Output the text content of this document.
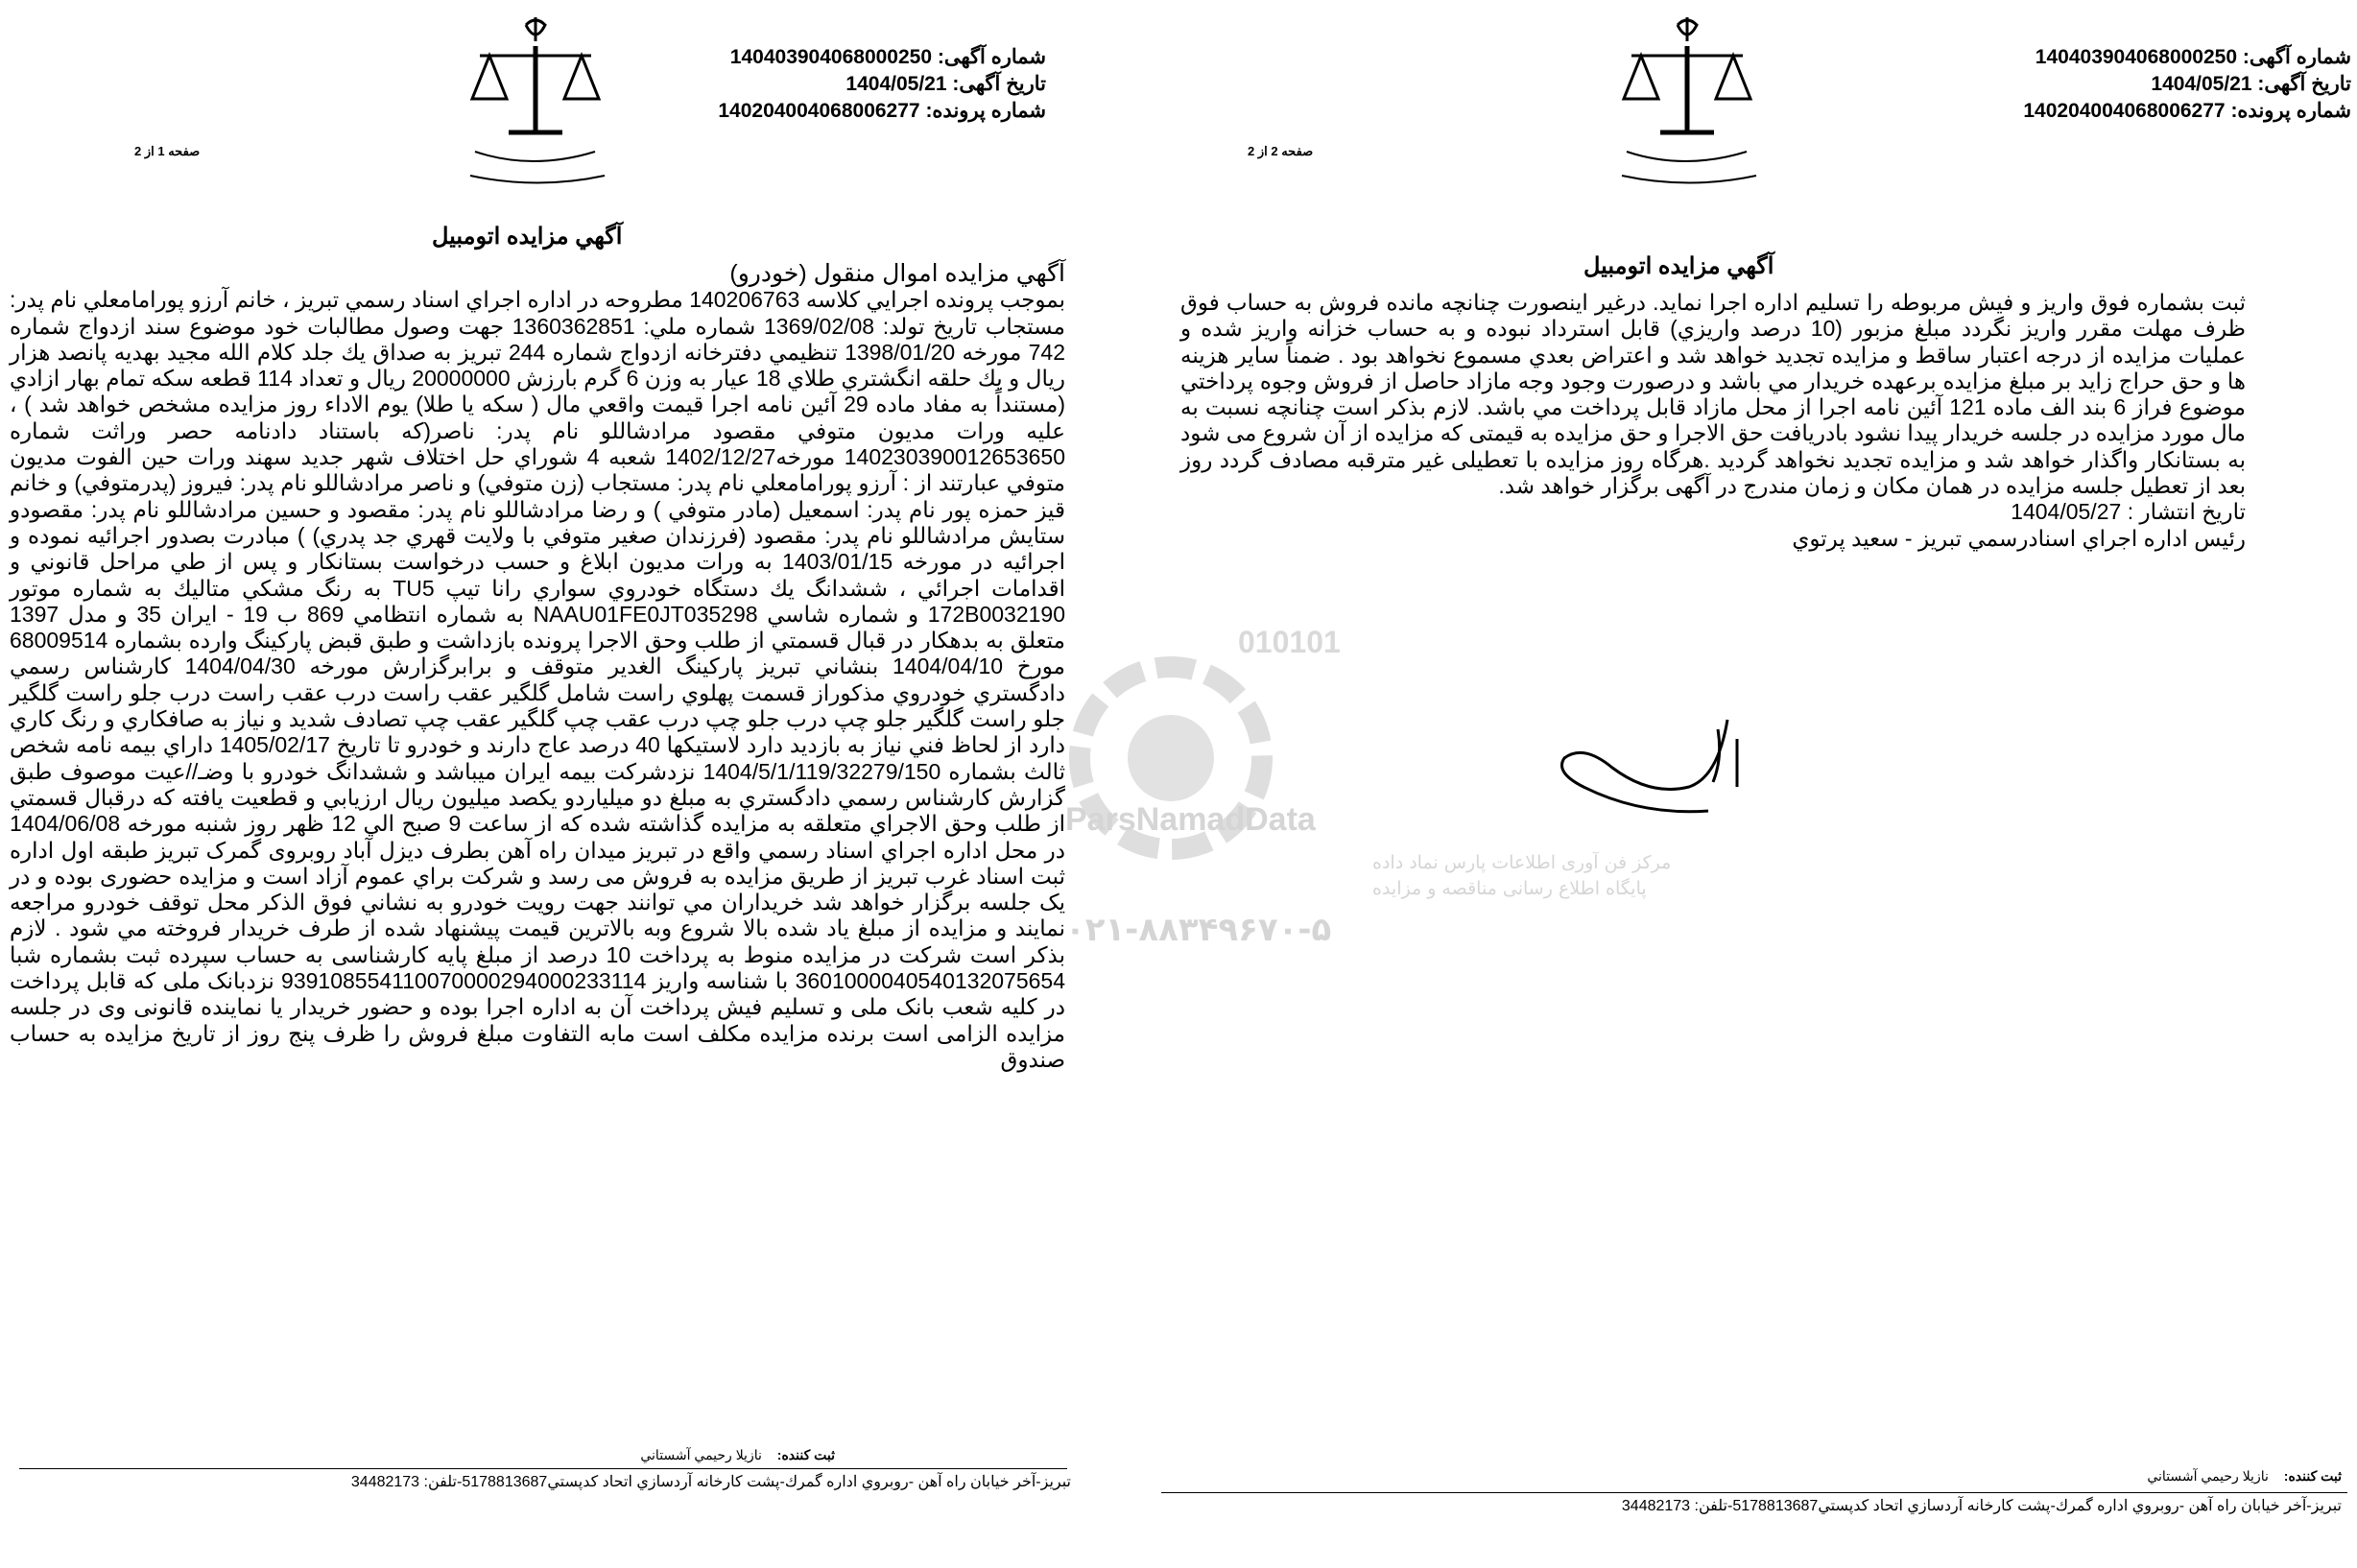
شماره آگهی: 140403904068000250
تاریخ آگهی: 1404/05/21
شماره پرونده: 140204004068006277
صفحه 1 از 2
آگهي مزايده اتومبيل

آگهي مزايده اموال منقول (خودرو)

بموجب پرونده اجرايي كلاسه 140206763 مطروحه در اداره اجراي اسناد رسمي تبريز ، خانم آرزو پورامامعلي نام پدر: مستجاب تاريخ تولد: 1369/02/08 شماره ملي: 1360362851 جهت وصول مطالبات خود موضوع سند ازدواج شماره 742 مورخه 1398/01/20 تنظيمي دفترخانه ازدواج شماره 244 تبريز به صداق يك جلد كلام الله مجيد بهديه پانصد هزار ريال و يك حلقه انگشتري طلاي 18 عيار به وزن 6 گرم بارزش 20000000 ريال و تعداد 114 قطعه سكه تمام بهار ازادي (مستنداً به مفاد ماده 29 آئين نامه اجرا قيمت واقعي مال ( سكه يا طلا) يوم الاداء روز مزايده مشخص خواهد شد ) ، عليه ورات مديون متوفي مقصود مرادشاللو نام پدر: ناصر(كه باستناد دادنامه حصر وراثت شماره 140230390012653650 مورخه1402/12/27 شعبه 4 شوراي حل اختلاف شهر جديد سهند ورات حين الفوت مديون متوفي عبارتند از : آرزو پورامامعلي نام پدر: مستجاب (زن متوفي) و ناصر مرادشاللو نام پدر: فيروز (پدرمتوفي) و خانم قيز حمزه پور نام پدر: اسمعيل (مادر متوفي ) و رضا مرادشاللو نام پدر: مقصود و حسين مرادشاللو نام پدر: مقصودو ستايش مرادشاللو نام پدر: مقصود (فرزندان صغير متوفي با ولايت قهري جد پدري) ) مبادرت بصدور اجرائيه نموده و اجرائيه در مورخه 1403/01/15 به ورات مديون ابلاغ و حسب درخواست بستانكار و پس از طي مراحل قانوني و اقدامات اجرائي ، ششدانگ يك دستگاه خودروي سواري رانا تيپ TU5 به رنگ مشكي متاليك به شماره موتور 172B0032190 و شماره شاسي NAAU01FE0JT035298 به شماره انتظامي 869 ب 19 - ايران 35 و مدل 1397 متعلق به بدهكار در قبال قسمتي از طلب وحق الاجرا پرونده بازداشت و طبق قبض پاركينگ وارده بشماره 68009514 مورخ 1404/04/10 بنشاني تبريز پاركينگ الغدير متوقف و برابرگزارش مورخه 1404/04/30 كارشناس رسمي دادگستري خودروي مذكوراز قسمت پهلوي راست شامل گلگير عقب راست درب عقب راست درب جلو راست گلگير جلو راست گلگير جلو چپ درب جلو چپ درب عقب چپ گلگير عقب چپ تصادف شديد و نياز به صافكاري و رنگ كاري دارد از لحاظ فني نياز به بازديد دارد لاستيكها 40 درصد عاج دارند و خودرو تا تاريخ 1405/02/17 داراي بيمه نامه شخص ثالث بشماره 1404/5/1/119/32279/150 نزدشركت بيمه ايران ميباشد و ششدانگ خودرو با وضـ//عيت موصوف طبق گزارش كارشناس رسمي دادگستري به مبلغ دو ميلياردو يكصد ميليون ريال ارزيابي و قطعيت يافته كه درقبال قسمتي از طلب وحق الاجراي متعلقه به مزايده گذاشته شده كه از ساعت 9 صبح الي 12 ظهر روز شنبه مورخه 1404/06/08 در محل اداره اجراي اسناد رسمي واقع در تبريز ميدان راه آهن بطرف ديزل آباد روبروی گمرک تبريز طبقه اول اداره ثبت اسناد غرب تبريز از طريق مزايده به فروش می رسد و شركت براي عموم آزاد است و مزايده حضوری بوده و در يک جلسه برگزار خواهد شد خريداران مي توانند جهت رويت خودرو به نشاني فوق الذكر محل توقف خودرو مراجعه نمايند و مزايده از مبلغ ياد شده بالا شروع وبه بالاترين قيمت پيشنهاد شده از طرف خريدار فروخته مي شود . لازم بذكر است شركت در مزايده منوط به پرداخت 10 درصد از مبلغ پايه كارشناسی به حساب سپرده ثبت بشماره شبا 3601000040540132075654 با شناسه واريز 939108554110070000294000233114 نزدبانک ملی که قابل پرداخت در كليه شعب بانک ملی و تسليم فيش پرداخت آن به اداره اجرا بوده و حضور خريدار يا نماينده قانونی وی در جلسه مزايده الزامی است برنده مزايده مكلف است مابه التفاوت مبلغ فروش را ظرف پنج روز از تاريخ مزايده به حساب صندوق

ثبت كننده: نازيلا رحيمي آشستاني
تبريز-آخر خيابان راه آهن -روبروي اداره گمرك-پشت كارخانه آردسازي اتحاد كدپستي5178813687-تلفن: 34482173
شماره آگهی: 140403904068000250
تاریخ آگهی: 1404/05/21
شماره پرونده: 140204004068006277
صفحه 2 از 2
آگهي مزايده اتومبيل

ثبت بشماره فوق واريز و فيش مربوطه را تسليم اداره اجرا نمايد. درغير اينصورت چنانچه مانده فروش به حساب فوق ظرف مهلت مقرر واريز نگردد مبلغ مزبور (10 درصد واريزي) قابل استرداد نبوده و به حساب خزانه واريز شده و عمليات مزايده از درجه اعتبار ساقط و مزايده تجديد خواهد شد و اعتراض بعدي مسموع نخواهد بود . ضمناً ساير هزينه ها و حق حراج زايد بر مبلغ مزايده برعهده خريدار مي باشد و درصورت وجود وجه مازاد حاصل از فروش وجوه پرداختي موضوع فراز 6 بند الف ماده 121 آئين نامه اجرا از محل مازاد قابل پرداخت مي باشد. لازم بذكر است چنانچه نسبت به مال مورد مزايده در جلسه خريدار پيدا نشود بادريافت حق الاجرا و حق مزايده به قيمتی كه مزايده از آن شروع می شود به بستانكار واگذار خواهد شد و مزايده تجديد نخواهد گرديد .هرگاه روز مزايده با تعطيلی غير مترقبه مصادف گردد روز بعد از تعطيل جلسه مزايده در همان مكان و زمان مندرج در آگهی برگزار خواهد شد.

تاريخ انتشار : 1404/05/27

رئيس اداره اجراي اسنادرسمي تبريز - سعيد پرتوي

ثبت كننده: نازيلا رحيمي آشستاني
تبريز-آخر خيابان راه آهن -روبروي اداره گمرك-پشت كارخانه آردسازي اتحاد كدپستي5178813687-تلفن: 34482173
010101
ParsNamadData
مرکز فن آوری اطلاعات پارس نماد داده
پایگاه اطلاع رسانی مناقصه و مزایده
۰۲۱-۸۸۳۴۹۶۷۰-۵
